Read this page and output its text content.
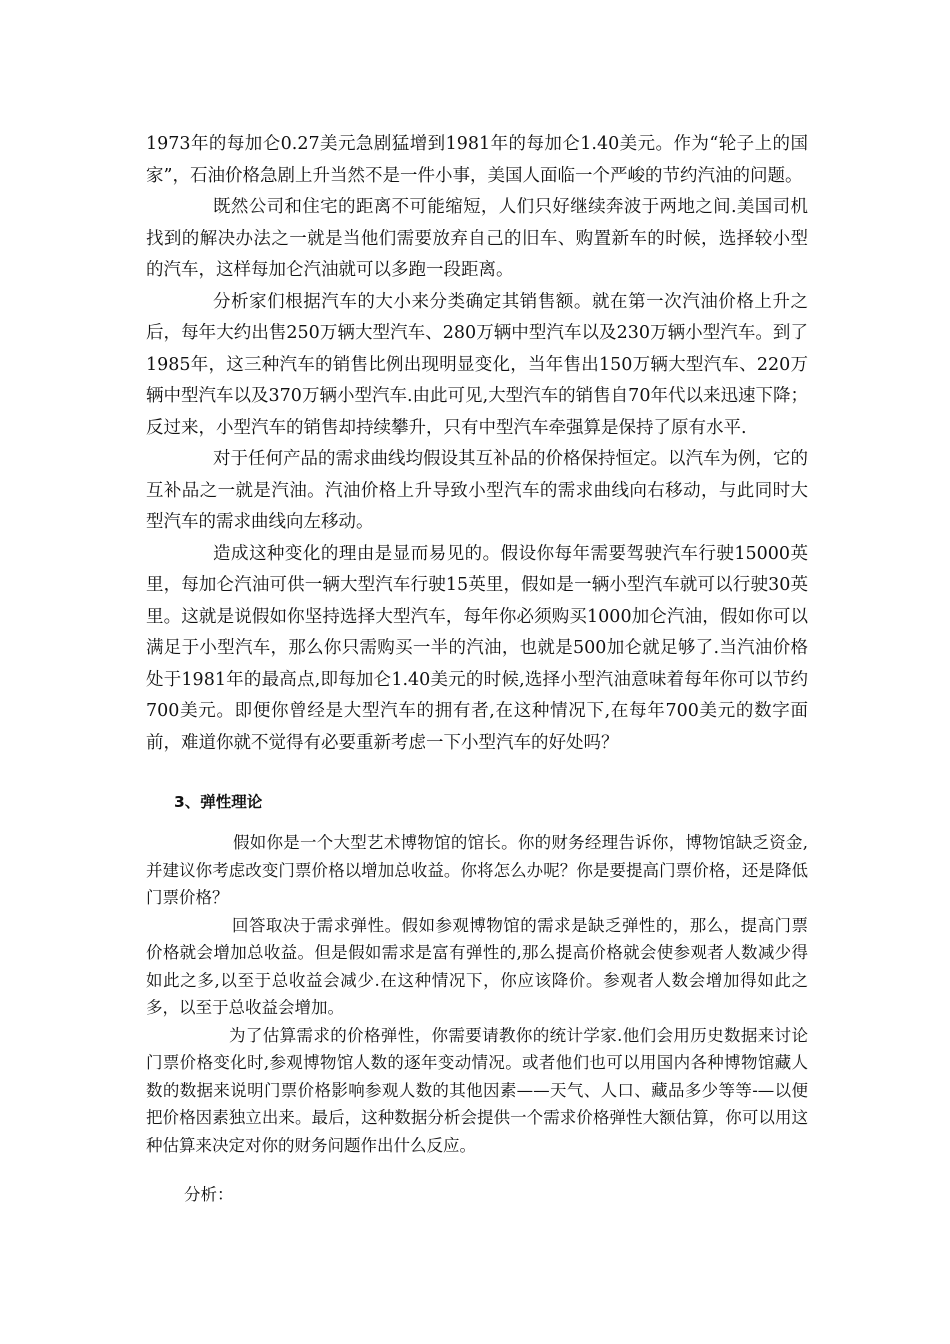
1973年的每加仑0.27美元急剧猛增到1981年的每加仑1.40美元。作为“轮子上的国家”，石油价格急剧上升当然不是一件小事，美国人面临一个严峻的节约汽油的问题。

既然公司和住宅的距离不可能缩短，人们只好继续奔波于两地之间.美国司机找到的解决办法之一就是当他们需要放弃自己的旧车、购置新车的时候，选择较小型的汽车，这样每加仑汽油就可以多跑一段距离。

分析家们根据汽车的大小来分类确定其销售额。就在第一次汽油价格上升之后，每年大约出售250万辆大型汽车、280万辆中型汽车以及230万辆小型汽车。到了1985年，这三种汽车的销售比例出现明显变化，当年售出150万辆大型汽车、220万辆中型汽车以及370万辆小型汽车.由此可见,大型汽车的销售自70年代以来迅速下降；反过来，小型汽车的销售却持续攀升，只有中型汽车牵强算是保持了原有水平.

对于任何产品的需求曲线均假设其互补品的价格保持恒定。以汽车为例，它的互补品之一就是汽油。汽油价格上升导致小型汽车的需求曲线向右移动，与此同时大型汽车的需求曲线向左移动。

造成这种变化的理由是显而易见的。假设你每年需要驾驶汽车行驶15000英里，每加仑汽油可供一辆大型汽车行驶15英里，假如是一辆小型汽车就可以行驶30英里。这就是说假如你坚持选择大型汽车，每年你必须购买1000加仑汽油，假如你可以满足于小型汽车，那么你只需购买一半的汽油，也就是500加仑就足够了.当汽油价格处于1981年的最高点,即每加仑1.40美元的时候,选择小型汽油意味着每年你可以节约700美元。即便你曾经是大型汽车的拥有者,在这种情况下,在每年700美元的数字面前，难道你就不觉得有必要重新考虑一下小型汽车的好处吗？

3、弹性理论

假如你是一个大型艺术博物馆的馆长。你的财务经理告诉你，博物馆缺乏资金,并建议你考虑改变门票价格以增加总收益。你将怎么办呢？你是要提高门票价格，还是降低门票价格？

回答取决于需求弹性。假如参观博物馆的需求是缺乏弹性的，那么，提高门票价格就会增加总收益。但是假如需求是富有弹性的,那么提高价格就会使参观者人数减少得如此之多,以至于总收益会减少.在这种情况下，你应该降价。参观者人数会增加得如此之多，以至于总收益会增加。

为了估算需求的价格弹性，你需要请教你的统计学家.他们会用历史数据来讨论门票价格变化时,参观博物馆人数的逐年变动情况。或者他们也可以用国内各种博物馆藏人数的数据来说明门票价格影响参观人数的其他因素——天气、人口、藏品多少等等-—以便把价格因素独立出来。最后，这种数据分析会提供一个需求价格弹性大额估算，你可以用这种估算来决定对你的财务问题作出什么反应。

分析：
